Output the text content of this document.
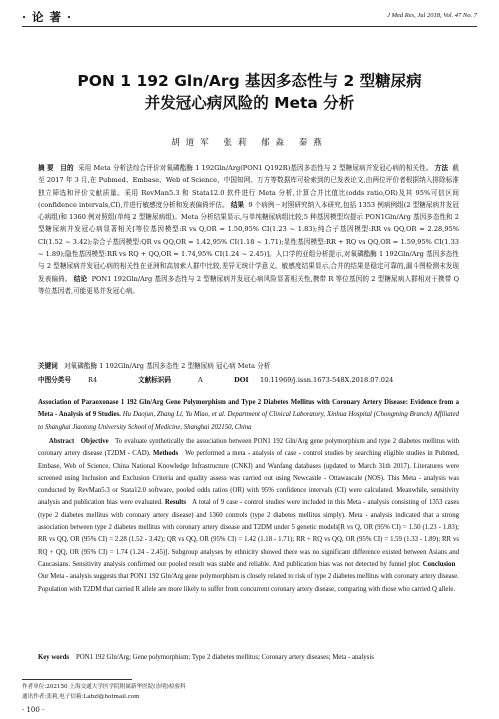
· 论 著 ·	J Med Res, Jul 2018, Vol. 47 No. 7
PON 1 192 Gln/Arg 基因多态性与 2 型糖尿病
并发冠心病风险的 Meta 分析
胡道军 张莉 郁淼 秦燕
摘 要 目的 采用 Meta 分析法综合评价对氧磷酯酶 1 192Gln/Arg(PON1 Q192R)基因多态性与 2 型糖尿病并发冠心病的相关性。 方法 截至 2017 年 3 月,在 Pubmed、Embase、Web of Science、中国知网、万方等数据库可检索到的已发表论文,由两位评价者根据纳入排除标准独立筛选和评价文献质量。采用 RevMan5.3 和 Stata12.0 软件进行 Meta 分析,计算合并比值比(odds ratio,OR)及其 95%可信区间(confidence intervals,CI),并进行敏感度分析和发表偏倚评估。 结果 9 个病例－对照研究纳入本研究,包括 1353 例病例组(2 型糖尿病并发冠心病组)和 1360 例对照组(单纯 2 型糖尿病组)。Meta 分析结果显示,与单纯糖尿病组比较,5 种基因模型均提示 PON1Gln/Arg 基因多态性和 2 型糖尿病并发冠心病显著相关[等位基因模型:R vs Q,OR = 1.50,95% CI(1.23 ~ 1.83);纯合子基因模型:RR vs QQ,OR = 2.28,95% CI(1.52 ~ 3.42);杂合子基因模型:QR vs QQ,OR = 1.42,95% CI(1.18 ~ 1.71);显性基因模型:RR + RQ vs QQ,OR = 1.59,95% CI(1.33 ~ 1.89);隐性基因模型:RR vs RQ + QQ,OR = 1.74,95% CI(1.24 ~ 2.45)]。人口学的亚组分析提示,对氧磷酯酶 1 192Gln/Arg 基因多态性与 2 型糖尿病并发冠心病的相关性在亚洲和高加索人群中比较,差异无统计学意义。敏感度结果显示,合并的结果是稳定可靠的,漏斗图检测未发现发表偏倚。 结论 PON1 192Gln/Arg 基因多态性与 2 型糖尿病并发冠心病风险显著相关性,携带 R 等位基因的 2 型糖尿病人群相对于携带 Q 等位基因者,可能更易并发冠心病。
关键词 对氧磷酯酶 1 192Gln/Arg 基因多态性 2 型糖尿病 冠心病 Meta 分析
中图分类号	R4	文献标识码	A	DOI 10.11969/j.issn.1673-548X.2018.07.024
Association of Paraoxonase 1 192 Gln/Arg Gene Polymorphism and Type 2 Diabetes Mellitus with Coronary Artery Disease: Evidence from a Meta - Analysis of 9 Studies. Hu Daojun, Zhang Li, Yu Miao, et al. Department of Clinical Laboratory, Xinhua Hospital (Chongming Branch) Affiliated to Shanghai Jiaotong University School of Medicine, Shanghai 202150, China
Abstract Objective To evaluate synthetically the association between PON1 192 Gln/Arg gene polymorphism and type 2 diabetes mellitus with coronary artery disease (T2DM - CAD). Methods We performed a meta - analysis of case - control studies by searching eligible studies in Pubmed, Embase, Web of Science, China National Knowledge Infrastructure (CNKI) and Wanfang databases (updated to March 31th 2017). Literatures were screened using Inclusion and Exclusion Criteria and quality assess was carried out using Newcastle - Ottawascale (NOS). This Meta - analysis was conducted by RevMan5.3 or Stata12.0 software, pooled odds ratios (OR) with 95% confidence intervals (CI) were calculated. Meanwhile, sensitivity analysis and publication bias were evaluated. Results A total of 9 case - control studies were included in this Meta - analysis consisting of 1353 cases (type 2 diabetes mellitus with coronary artery disease) and 1360 controls (type 2 diabetes mellitus simply). Meta - analysis indicated that a strong association between type 2 diabetes mellitus with coronary artery disease and T2DM under 5 genetic models[R vs Q, OR (95% CI) = 1.50 (1.23 - 1.83); RR vs QQ, OR (95% CI) = 2.28 (1.52 - 3.42); QR vs QQ, OR (95% CI) = 1.42 (1.18 - 1.71); RR + RQ vs QQ, OR (95% CI) = 1.59 (1.33 - 1.89); RR vs RQ + QQ, OR (95% CI) = 1.74 (1.24 - 2.45)]. Subgroup analyses by ethnicity showed there was no significant difference existed between Asians and Caucasians. Sensitivity analysis confirmed our pooled result was stable and reliable. And publication bias was not detected by funnel plot. Conclusion   Our Meta - analysis suggests that PON1 192 Gln/Arg gene polymorphism is closely related to risk of type 2 diabetes mellitus with coronary artery disease. Population with T2DM that carried R allele are more likely to suffer from concurrent coronary artery disease, comparing with those who carried Q allele.
Key words PON1 192 Gln/Arg; Gene polymorphism; Type 2 diabetes mellitus; Coronary artery diseases; Meta - analysis
作者单位:202150 上海交通大学医学院附属新华医院(崇明)检验科
通讯作者:张莉,电子信箱:Labzl@hotmail.com
· 100 ·
